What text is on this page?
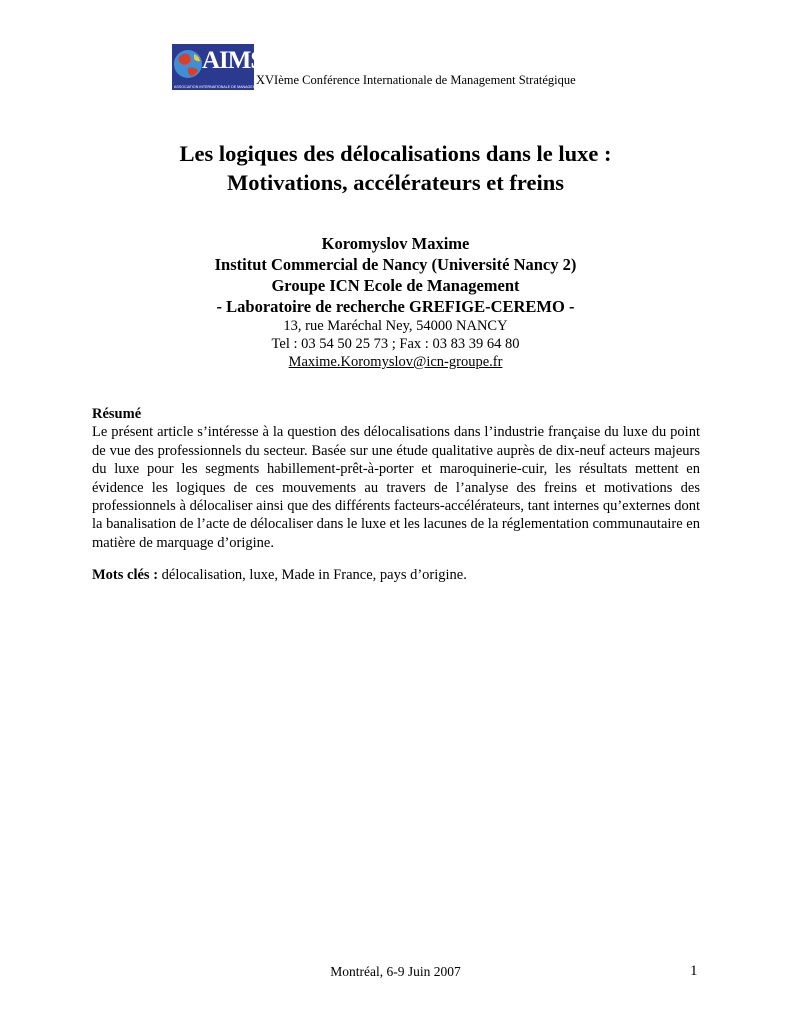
AIMS
ASSOCIATION INTERNATIONALE DE MANAGEMENT STRATEGIQUE
XVIème Conférence Internationale de Management Stratégique
Les logiques des délocalisations dans le luxe :
Motivations, accélérateurs et freins
Koromyslov Maxime
Institut Commercial de Nancy (Université Nancy 2)
Groupe ICN Ecole de Management
- Laboratoire de recherche GREFIGE-CEREMO -
13, rue Maréchal Ney, 54000 NANCY
Tel : 03 54 50 25 73 ; Fax : 03 83 39 64 80
Maxime.Koromyslov@icn-groupe.fr
Résumé
Le présent article s’intéresse à la question des délocalisations dans l’industrie française du luxe du point de vue des professionnels du secteur. Basée sur une étude qualitative auprès de dix-neuf acteurs majeurs du luxe pour les segments habillement-prêt-à-porter et maroquinerie-cuir, les résultats mettent en évidence les logiques de ces mouvements au travers de l’analyse des freins et motivations des professionnels à délocaliser ainsi que des différents facteurs-accélérateurs, tant internes qu’externes dont la banalisation de l’acte de délocaliser dans le luxe et les lacunes de la réglementation communautaire en matière de marquage d’origine.
Mots clés : délocalisation, luxe, Made in France, pays d’origine.
Montréal, 6-9 Juin 2007	1
